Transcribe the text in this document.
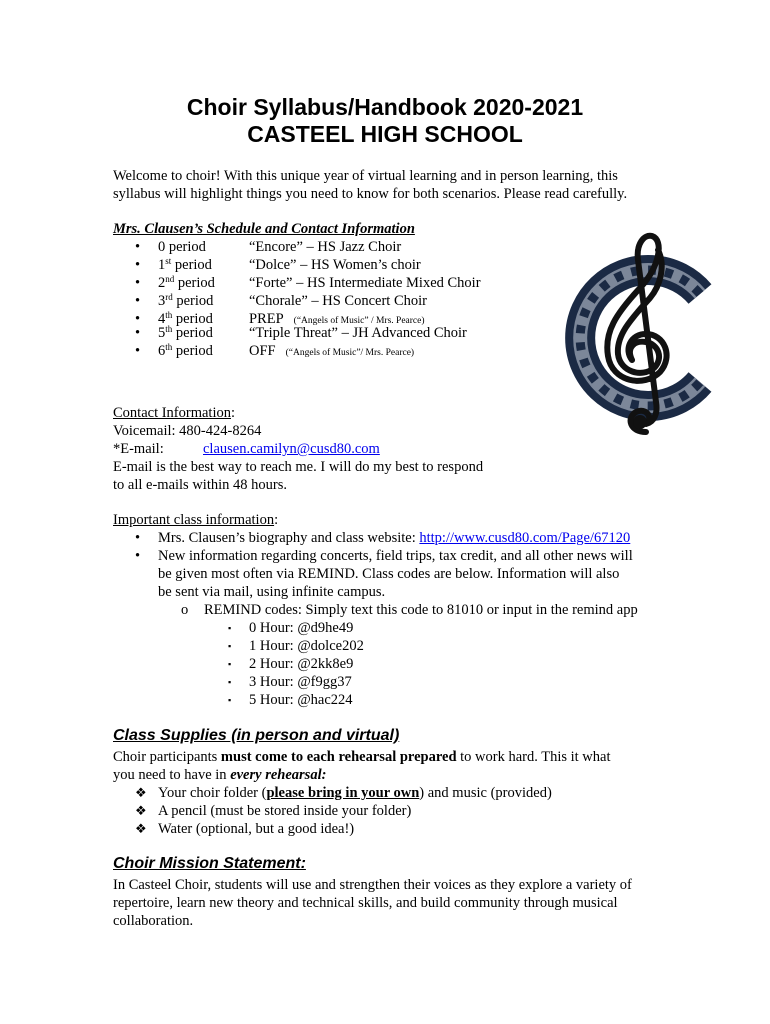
Choir Syllabus/Handbook 2020-2021
CASTEEL HIGH SCHOOL
Welcome to choir! With this unique year of virtual learning and in person learning, this
syllabus will highlight things you need to know for both scenarios. Please read carefully.
Mrs. Clausen’s Schedule and Contact Information
• 0 period	“Encore” – HS Jazz Choir
• 1st period	“Dolce” – HS Women’s choir
• 2nd period “Forte” – HS Intermediate Mixed Choir
• 3rd period “Chorale” – HS Concert Choir
• 4th period PREP (“Angels of Music” / Mrs. Pearce)
• 5th period “Triple Threat” – JH Advanced Choir
• 6th period OFF (“Angels of Music”/ Mrs. Pearce)
Contact Information:
Voicemail: 480-424-8264
*E-mail:	clausen.camilyn@cusd80.com
E-mail is the best way to reach me. I will do my best to respond
to all e-mails within 48 hours.
Important class information:
• Mrs. Clausen’s biography and class website: http://www.cusd80.com/Page/67120
• New information regarding concerts, field trips, tax credit, and all other news will
be given most often via REMIND. Class codes are below. Information will also
be sent via mail, using infinite campus.
o REMIND codes: Simply text this code to 81010 or input in the remind app
▪ 0 Hour: @d9he49
▪ 1 Hour: @dolce202
▪ 2 Hour: @2kk8e9
▪ 3 Hour: @f9gg37
▪ 5 Hour: @hac224
Class Supplies (in person and virtual)
Choir participants must come to each rehearsal prepared to work hard. This it what
you need to have in every rehearsal:
❖ Your choir folder (please bring in your own) and music (provided)
❖ A pencil (must be stored inside your folder)
❖ Water (optional, but a good idea!)
Choir Mission Statement:
In Casteel Choir, students will use and strengthen their voices as they explore a variety of
repertoire, learn new theory and technical skills, and build community through musical
collaboration.
